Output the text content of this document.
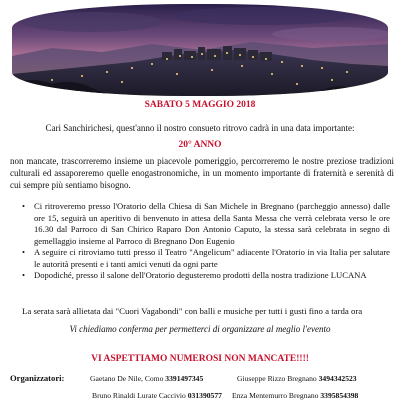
SABATO 5 MAGGIO 2018
Cari Sanchirichesi, quest'anno il nostro consueto ritrovo cadrà in una data importante:
20° ANNO
non mancate, trascorreremo insieme un piacevole pomeriggio, percorreremo le nostre preziose tradizioni culturali ed assaporeremo quelle enogastronomiche, in un momento importante di fraternità e serenità di cui sempre più sentiamo bisogno.
• Ci ritroveremo presso l'Oratorio della Chiesa di San Michele in Bregnano (parcheggio annesso) dalle ore 15, seguirà un aperitivo di benvenuto in attesa della Santa Messa che verrà celebrata verso le ore 16.30 dal Parroco di San Chirico Raparo Don Antonio Caputo, la stessa sarà celebrata in segno di gemellaggio insieme al Parroco di Bregnano Don Eugenio
• A seguire ci ritroviamo tutti presso il Teatro "Angelicum" adiacente l'Oratorio in via Italia per salutare le autorità presenti e i tanti amici venuti da ogni parte
• Dopodiché, presso il salone dell'Oratorio degusteremo prodotti della nostra tradizione LUCANA
La serata sarà allietata dai "Cuori Vagabondi" con balli e musiche per tutti i gusti fino a tarda ora
Vi chiediamo conferma per permetterci di organizzare al meglio l'evento
VI ASPETTIAMO NUMEROSI NON MANCATE!!!!
Organizzatori:	Gaetano De Nile, Como 3391497345	Giuseppe Rizzo Bregnano 3494342523
Bruno Rinaldi Lurate Caccivio 031390577 Enza Mentemurro Bregnano 3395854398
